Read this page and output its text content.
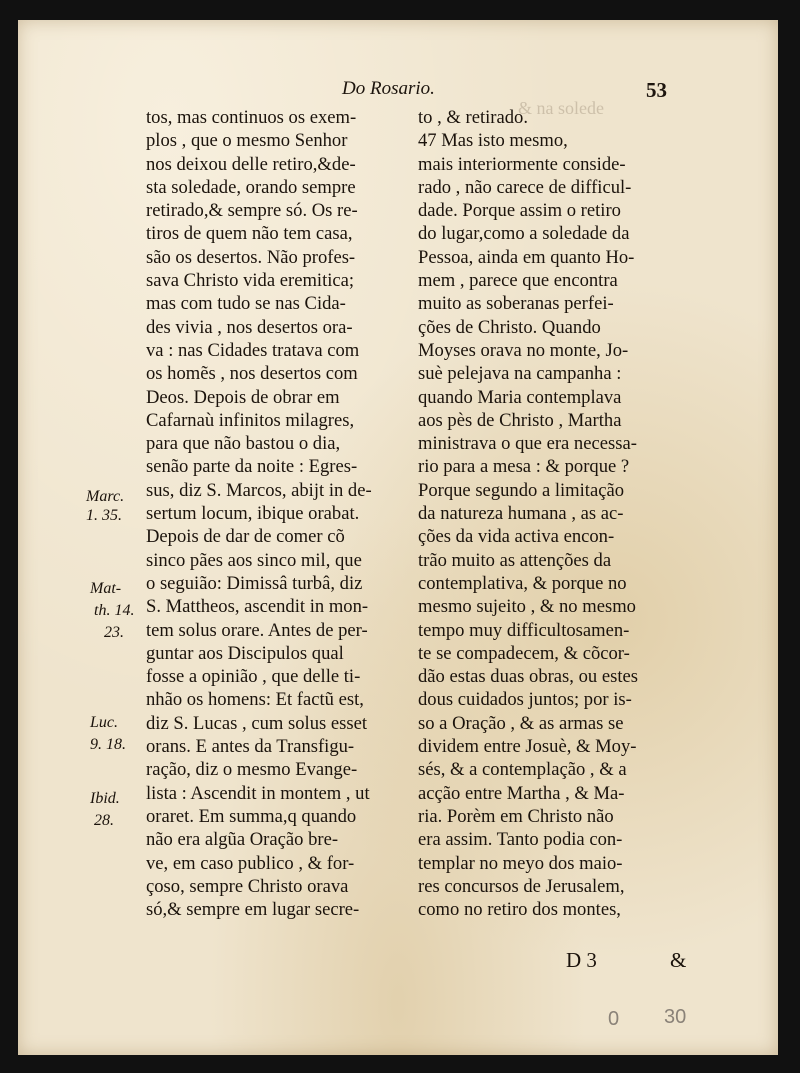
& na solede
Do Rosario.	53
tos, mas continuos os exem-
plos , que o mesmo Senhor
nos deixou delle retiro,&de-
sta soledade, orando sempre
retirado,& sempre só. Os re-
tiros de quem não tem casa,
são os desertos. Não profes-
sava Christo vida eremitica;
mas com tudo se nas Cida-
des vivia , nos desertos ora-
va : nas Cidades tratava com
os homẽs , nos desertos com
Deos. Depois de obrar em
Cafarnaù infinitos milagres,
para que não bastou o dia,
senão parte da noite : Egres-
sus, diz S. Marcos, abijt in de-
sertum locum, ibique orabat.
Depois de dar de comer cõ
sinco pães aos sinco mil, que
o seguião: Dimissâ turbâ, diz
S. Mattheos, ascendit in mon-
tem solus orare. Antes de per-
guntar aos Discipulos qual
fosse a opinião , que delle ti-
nhão os homens: Et factũ est,
diz S. Lucas , cum solus esset
orans. E antes da Transfigu-
ração, diz o mesmo Evange-
lista : Ascendit in montem , ut
oraret. Em summa,q quando
não era algũa Oração bre-
ve, em caso publico , & for-
çoso, sempre Christo orava
só,& sempre em lugar secre-
to , & retirado.
47 Mas isto mesmo,
mais interiormente conside-
rado , não carece de difficul-
dade. Porque assim o retiro
do lugar,como a soledade da
Pessoa, ainda em quanto Ho-
mem , parece que encontra
muito as soberanas perfei-
ções de Christo. Quando
Moyses orava no monte, Jo-
suè pelejava na campanha :
quando Maria contemplava
aos pès de Christo , Martha
ministrava o que era necessa-
rio para a mesa : & porque ?
Porque segundo a limitação
da natureza humana , as ac-
ções da vida activa encon-
trão muito as attenções da
contemplativa, & porque no
mesmo sujeito , & no mesmo
tempo muy difficultosamen-
te se compadecem, & cõcor-
dão estas duas obras, ou estes
dous cuidados juntos; por is-
so a Oração , & as armas se
dividem entre Josuè, & Moy-
sés, & a contemplação , & a
acção entre Martha , & Ma-
ria. Porèm em Christo não
era assim. Tanto podia con-
templar no meyo dos maio-
res concursos de Jerusalem,
como no retiro dos montes,
Marc.
1. 35.
Mat-
th. 14.
23.
Luc.
9. 18.
Ibid.
28.
D 3	&
0 30
